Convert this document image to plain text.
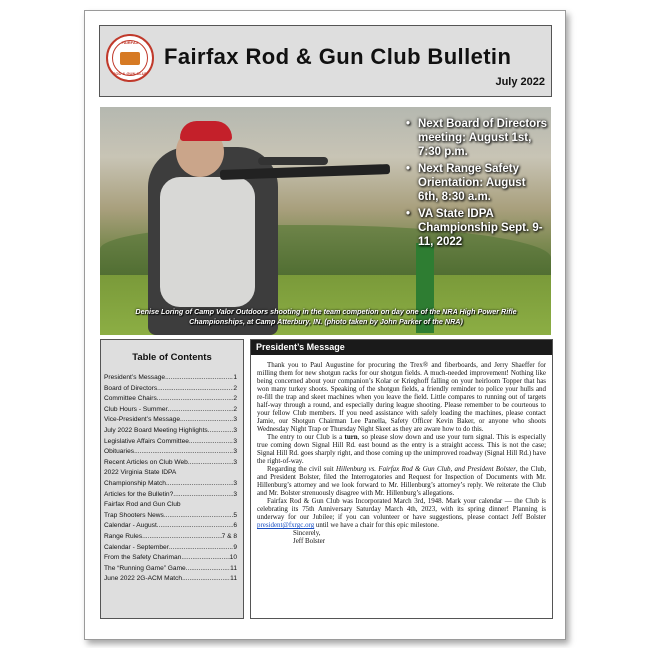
FAIRFAX
ROD & GUN CLUB
Fairfax Rod & Gun Club Bulletin
July 2022
• Next Board of Directors meeting: August 1st, 7:30 p.m.
• Next Range Safety Orientation: August 6th, 8:30 a.m.
• VA State IDPA Championship Sept. 9-11, 2022
Denise Loring of Camp Valor Outdoors shooting in the team competion on day one of the NRA High Power Rifle Championships, at Camp Atterbury, IN. (photo taken by John Parker of the NRA)
Table of Contents
President’s Message .....	1
Board of Directors .....	2
Committee Chairs .....	2
Club Hours - Summer .....	2
Vice-President’s Message .....	3
July 2022 Board Meeting Highlights .....	3
Legislative Affairs Committee .....	3
Obituaries .....	3
Recent Articles on Club Web .....	3
2022 Virginia State IDPA
Championship Match .....	3
Articles for the Bulletin? .....	3
Fairfax Rod and Gun Club
Trap Shooters News .....	5
Calendar - August .....	6
Range Rules .....	7 & 8
Calendar - September .....	9
From the Safety Chariman .....	10
The “Running Game” Game .....	11
June 2022 2G-ACM Match .....	11
President’s Message

Thank you to Paul Augustine for procuring the Trex® and fiberboards, and Jerry Shaeffer for milling them for new shotgun racks for our shotgun fields. A much-needed improvement! Nothing like being concerned about your companion’s Kolar or Krieghoff falling on your heirloom Topper that has won many turkey shoots. Speaking of the shotgun fields, a friendly reminder to police your hulls and re-fill the trap and skeet machines when you leave the field. Little compares to running out of targets half-way through a round, and especially during league shooting. Please remember to be courteous to your fellow Club members. If you need assistance with safely loading the machines, please contact Jamie, our Shotgun Chairman Lee Panella, Safety Officer Kevin Baker, or anyone who shoots Wednesday Night Trap or Thursday Night Skeet as they are aware how to do this.

The entry to our Club is a turn, so please slow down and use your turn signal. This is especially true coming down Signal Hill Rd. east bound as the entry is a straight access. This is not the case; Signal Hill Rd. goes sharply right, and those coming up the unimproved roadway (Signal Hill Rd.) have the right-of-way.

Regarding the civil suit Hillenburg vs. Fairfax Rod & Gun Club, and President Bolster, the Club, and President Bolster, filed the Interrogatories and Request for Inspection of Documents with Mr. Hillenburg’s attorney and we look forward to Mr. Hillenburg’s attorney’s reply. We reiterate the Club and Mr. Bolster strenuously disagree with Mr. Hillenburg’s allegations.

Fairfax Rod & Gun Club was Incorporated March 3rd, 1948. Mark your calendar — the Club is celebrating its 75th Anniversary Saturday March 4th, 2023, with its spring dinner! Planning is underway for our Jubilee; if you can volunteer or have suggestions, please contact Jeff Bolster president@fxrgc.org until we have a chair for this epic milestone.

Sincerely,
Jeff Bolster
